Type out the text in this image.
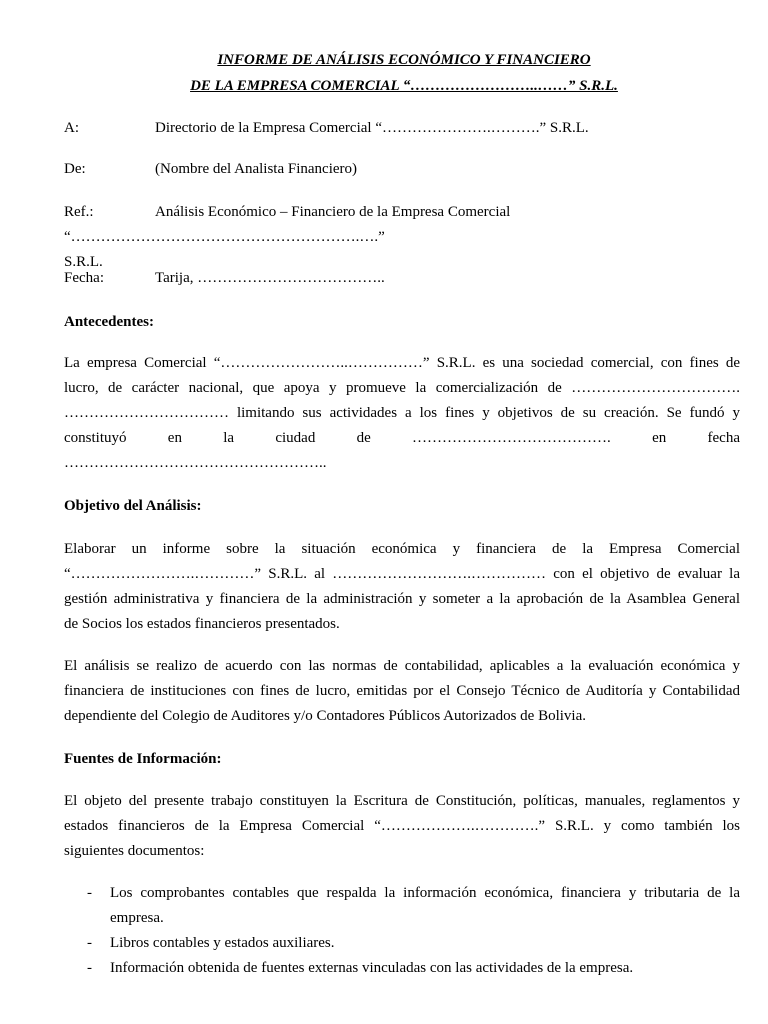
INFORME DE ANÁLISIS ECONÓMICO Y FINANCIERO
DE LA EMPRESA COMERCIAL “……………………..……” S.R.L.
A:	Directorio de la Empresa Comercial “………………….……….” S.R.L.
De:	(Nombre del Analista Financiero)
Ref.:	Análisis Económico – Financiero de la Empresa Comercial
“………………………………………………….….” S.R.L.
Fecha:	Tarija, ………………………………..
Antecedentes:
La empresa Comercial “……………………..……………” S.R.L. es una sociedad comercial, con fines de
lucro, de carácter nacional, que apoya y promueve la comercialización de …………………………….
…………………………… limitando sus actividades a los fines y objetivos de su creación. Se fundó y
constituyó en la ciudad de …………………………………. en fecha
……………………………………………..
Objetivo del Análisis:
Elaborar un informe sobre la situación económica y financiera de la Empresa Comercial
“…………………….…………” S.R.L. al ……………………….…………… con el objetivo de evaluar la
gestión administrativa y financiera de la administración y someter a la aprobación de la Asamblea General
de Socios los estados financieros presentados.
El análisis se realizo de acuerdo con las normas de contabilidad, aplicables a la evaluación económica y
financiera de instituciones con fines de lucro, emitidas por el Consejo Técnico de Auditoría y Contabilidad
dependiente del Colegio de Auditores y/o Contadores Públicos Autorizados de Bolivia.
Fuentes de Información:
El objeto del presente trabajo constituyen la Escritura de Constitución, políticas, manuales, reglamentos y
estados financieros de la Empresa Comercial “……………….………….” S.R.L. y como también los
siguientes documentos:
- Los comprobantes contables que respalda la información económica, financiera y tributaria de la empresa.
- Libros contables y estados auxiliares.
- Información obtenida de fuentes externas vinculadas con las actividades de la empresa.
